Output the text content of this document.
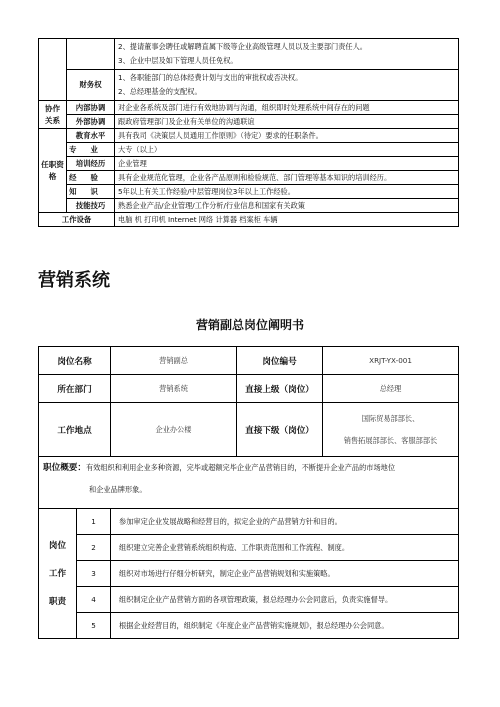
		2、提请董事会聘任或解聘直属下级等企业高级管理人员以及主要部门责任人。
3、企业中层及如下管理人员任免权。

	财务权	1、各职能部门的总体经费计划与支出的审批权或否决权。
2、总经理基金的支配权。

协作
关系	内部协调	对企业各系统及部门进行有效地协调与沟通，组织即时处理系统中间存在的问题
	外部协调	跟政府管理部门及企业有关单位的沟通联谊
任职资
格	教育水平	具有我司《决策层人员通用工作原则》（待定）要求的任职条件。
	专业	大专（以上）
	培训经历	企业管理
	经验	具有企业规范化管理，企业各产品原则和检验规范、部门管理等基本知识的培训经历。
	知识	5年以上有关工作经验/中层管理岗位3年以上工作经验。
	技能技巧	熟悉企业产品/企业管理/工作分析/行业信息和国家有关政策
工作设备		电脑 机 打印机 Internet 网络 计算器 档案柜 车辆
营销系统
营销副总岗位阐明书
岗位名称		营销副总	岗位编号	XRJT-YX-001
所在部门		营销系统	直接上级（岗位）	总经理
工作地点		企业办公楼	直接下级（岗位）	国际贸易部部长、
销售拓展部部长、客服部部长

职位概要：有效组织和利用企业多种资源，完毕或超额完毕企业产品营销目的，不断提升企业产品的市场地位
和企业品牌形象。				

岗位
工作
职责	1	参加审定企业发展战略和经营目的，拟定企业的产品营销方针和目的。		
	2	组织建立完善企业营销系统组织构造、工作职责范围和工作流程、制度。		
	3	组织对市场进行仔细分析研究，制定企业产品营销规划和实施策略。		
	4	组织制定企业产品营销方面的各项管理政策，报总经理办公会同意后，负责实施督导。		
	5	根据企业经营目的，组织制定《年度企业产品营销实施规划》，报总经理办公会同意。		
